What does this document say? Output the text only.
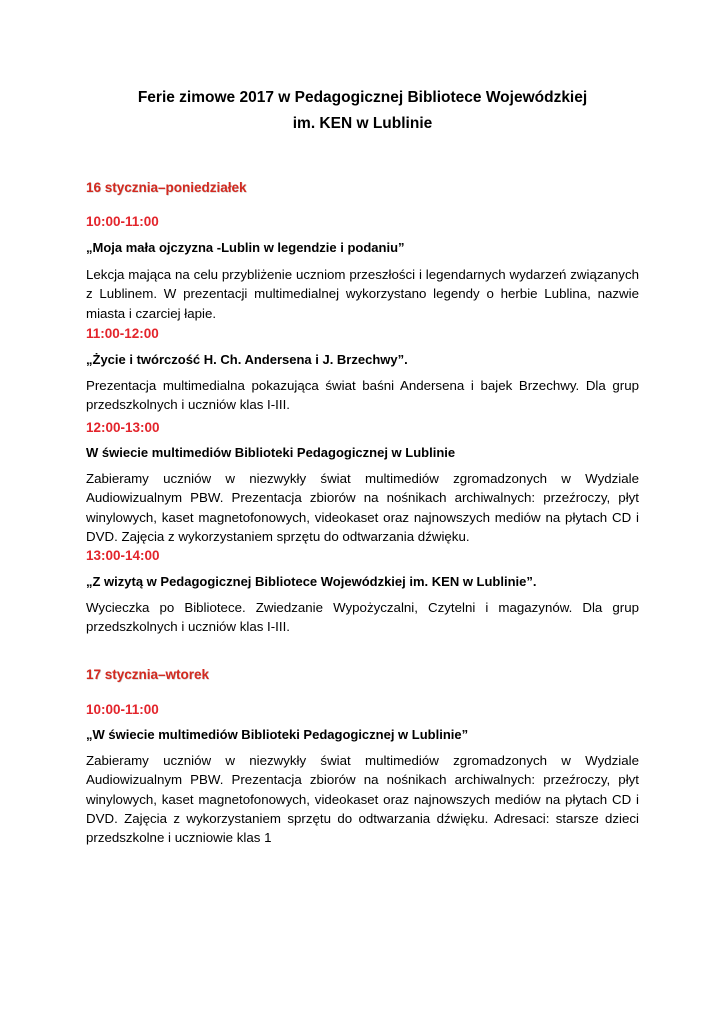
Ferie zimowe 2017 w Pedagogicznej Bibliotece Wojewódzkiej
im. KEN w Lublinie
16 stycznia–poniedziałek
10:00-11:00
„Moja mała ojczyzna -Lublin w legendzie i podaniu”
Lekcja mająca na celu przybliżenie uczniom przeszłości i legendarnych wydarzeń związanych z Lublinem. W prezentacji multimedialnej wykorzystano legendy o herbie Lublina, nazwie miasta i czarciej łapie.
11:00-12:00
„Życie i twórczość H. Ch. Andersena i J. Brzechwy”.
Prezentacja multimedialna pokazująca świat baśni Andersena i bajek Brzechwy. Dla grup przedszkolnych i uczniów klas I-III.
12:00-13:00
W świecie multimediów Biblioteki Pedagogicznej w Lublinie
Zabieramy uczniów w niezwykły świat multimediów zgromadzonych w Wydziale Audiowizualnym PBW. Prezentacja zbiorów na nośnikach archiwalnych: przeźroczy, płyt winylowych, kaset magnetofonowych, videokaset oraz najnowszych mediów na płytach CD i DVD. Zajęcia z wykorzystaniem sprzętu do odtwarzania dźwięku.
13:00-14:00
„Z wizytą w Pedagogicznej Bibliotece Wojewódzkiej im. KEN w Lublinie”.
Wycieczka po Bibliotece. Zwiedzanie Wypożyczalni, Czytelni i magazynów. Dla grup przedszkolnych i uczniów klas I-III.
17 stycznia–wtorek
10:00-11:00
„W świecie multimediów Biblioteki Pedagogicznej w Lublinie”
Zabieramy uczniów w niezwykły świat multimediów zgromadzonych w Wydziale Audiowizualnym PBW. Prezentacja zbiorów na nośnikach archiwalnych: przeźroczy, płyt winylowych, kaset magnetofonowych, videokaset oraz najnowszych mediów na płytach CD i DVD. Zajęcia z wykorzystaniem sprzętu do odtwarzania dźwięku. Adresaci: starsze dzieci przedszkolne i uczniowie klas 1
